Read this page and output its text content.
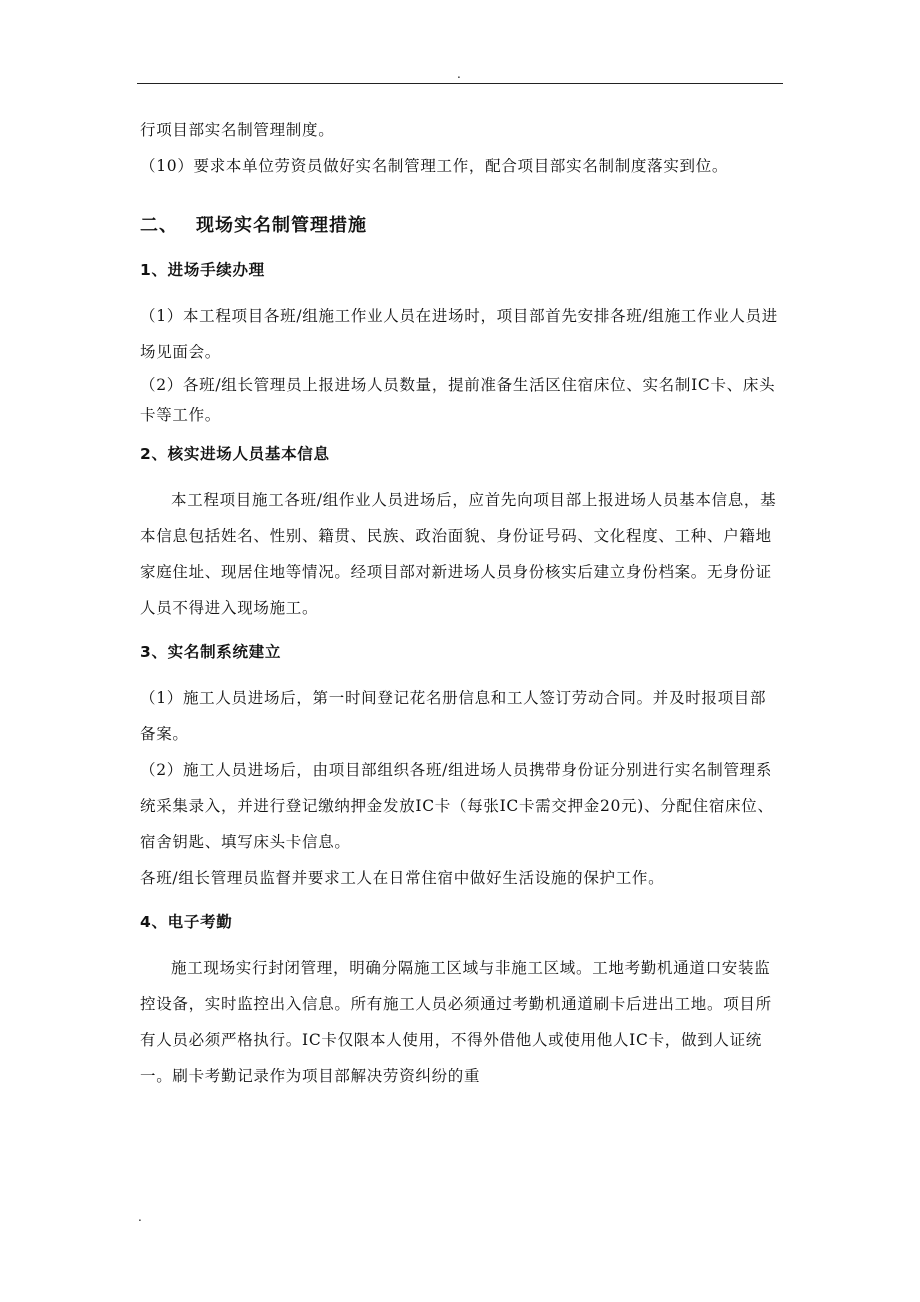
.

行项目部实名制管理制度。

（10）要求本单位劳资员做好实名制管理工作，配合项目部实名制制度落实到位。

二、 现场实名制管理措施

1、进场手续办理

（1）本工程项目各班/组施工作业人员在进场时，项目部首先安排各班/组施工作业人员进场见面会。

（2）各班/组长管理员上报进场人员数量，提前准备生活区住宿床位、实名制IC卡、床头卡等工作。

2、核实进场人员基本信息

本工程项目施工各班/组作业人员进场后，应首先向项目部上报进场人员基本信息，基本信息包括姓名、性别、籍贯、民族、政治面貌、身份证号码、文化程度、工种、户籍地家庭住址、现居住地等情况。经项目部对新进场人员身份核实后建立身份档案。无身份证人员不得进入现场施工。

3、实名制系统建立

（1）施工人员进场后，第一时间登记花名册信息和工人签订劳动合同。并及时报项目部备案。

（2）施工人员进场后，由项目部组织各班/组进场人员携带身份证分别进行实名制管理系统采集录入，并进行登记缴纳押金发放IC卡（每张IC卡需交押金20元)、分配住宿床位、宿舍钥匙、填写床头卡信息。

各班/组长管理员监督并要求工人在日常住宿中做好生活设施的保护工作。

4、电子考勤

施工现场实行封闭管理，明确分隔施工区域与非施工区域。工地考勤机通道口安装监控设备，实时监控出入信息。所有施工人员必须通过考勤机通道刷卡后进出工地。项目所有人员必须严格执行。IC卡仅限本人使用，不得外借他人或使用他人IC卡，做到人证统一。刷卡考勤记录作为项目部解决劳资纠纷的重

.
